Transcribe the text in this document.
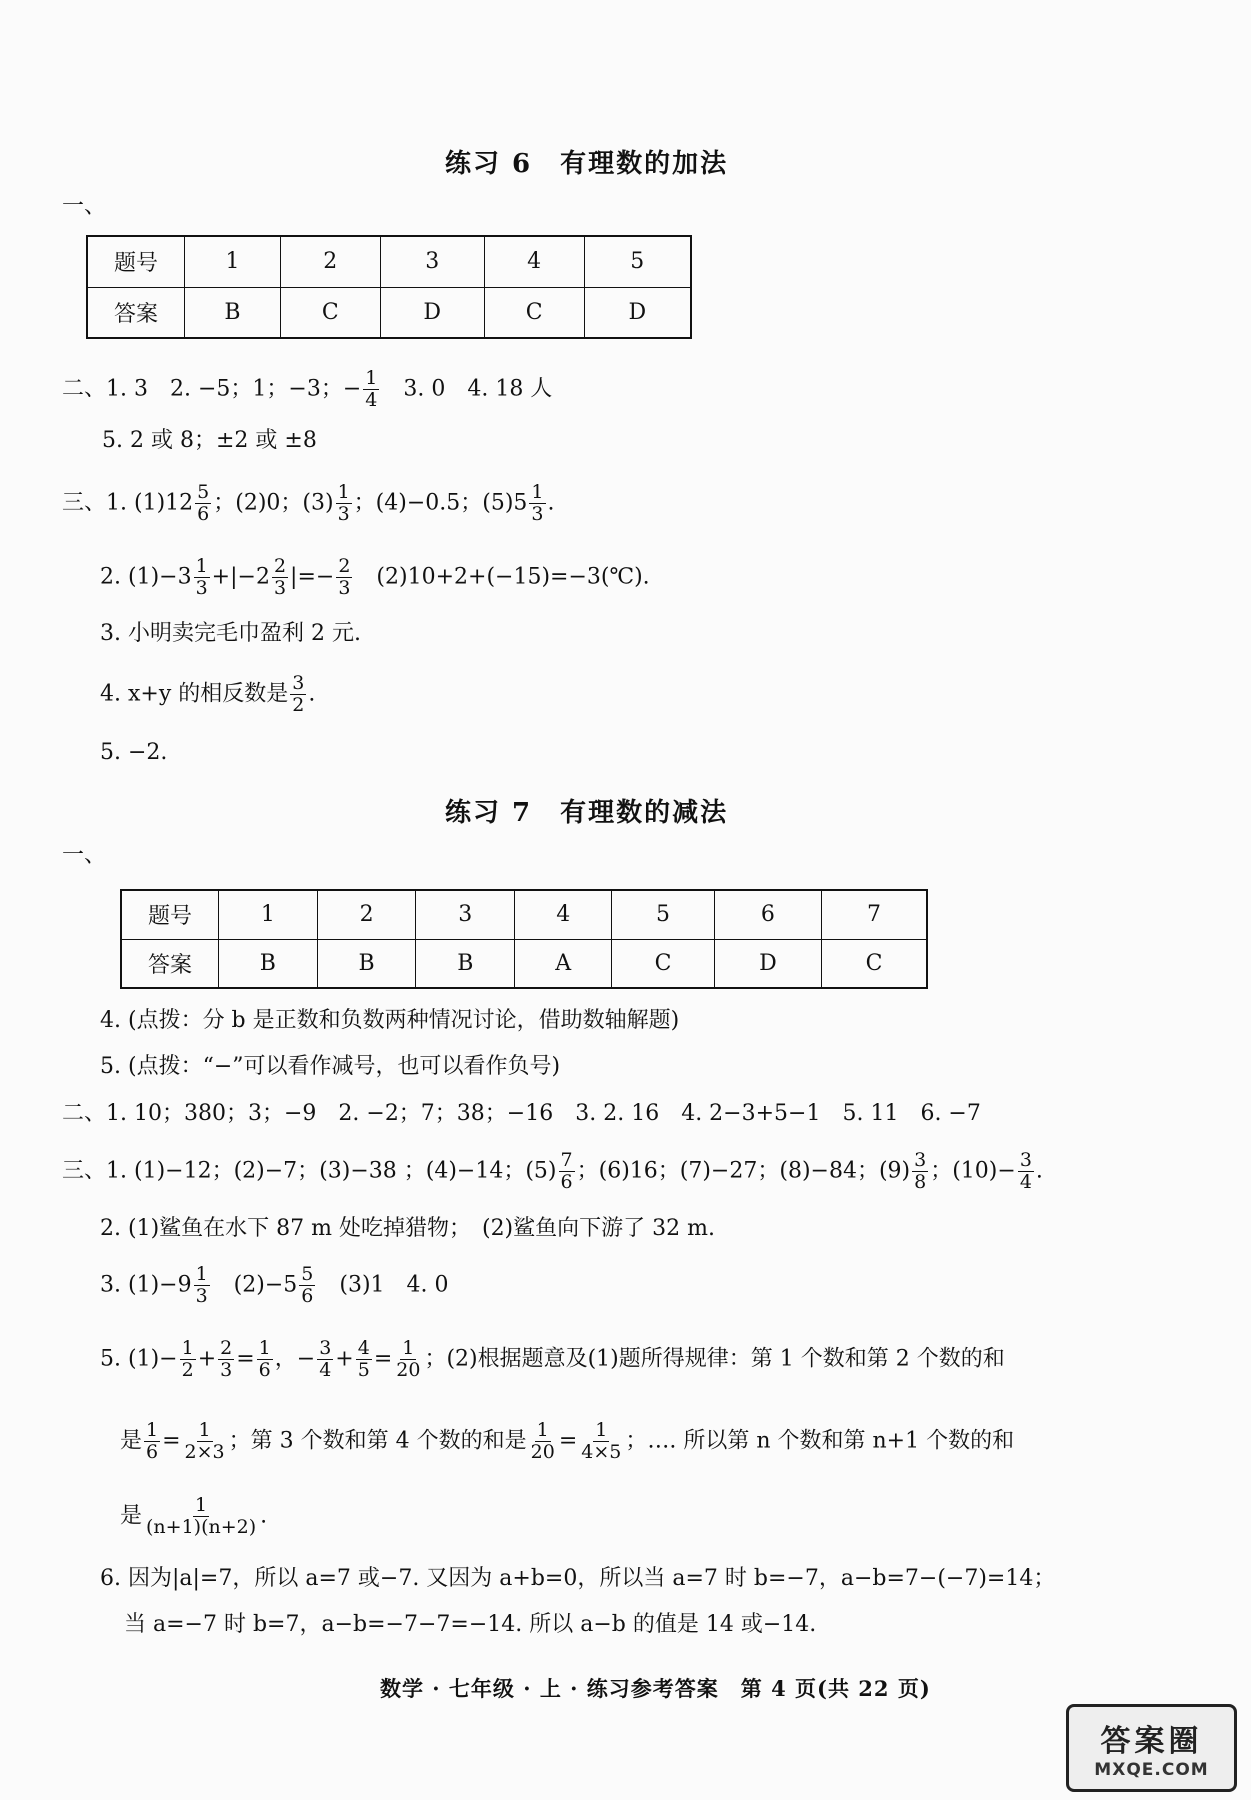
练习 6　有理数的加法
一、
题号	1	2	3	4	5
答案	B	C	D	C	D
二、1. 3　2. −5；1；−3；− $\frac{1}{4}$ 　3. 0　4. 18 人
5. 2 或 8；±2 或 ±8
三、1. $(1)12 \frac{5}{6}$ ；(2)0；$(3) \frac{1}{3}$ ；(4)−0.5；$(5)5 \frac{1}{3}$ .
2. $(1)-3 \frac{1}{3} +|-2 \frac{2}{3}$ |=− $\frac{2}{3}$ 　(2)10+2+(−15)=−3(℃).
3. 小明卖完毛巾盈利 2 元.
4. x+y 的相反数是 $\frac{3}{2}$ .
5. −2.
练习 7　有理数的减法
一、
题号	1	2	3	4	5	6	7
答案	B	B	B	A	C	D	C
4. (点拨：分 b 是正数和负数两种情况讨论，借助数轴解题)
5. (点拨：“−”可以看作减号，也可以看作负号)
二、1. 10；380；3；−9　2. −2；7；38；−16　3. 2. 16　4. 2−3+5−1　5. 11　6. −7
三、1. (1)−12；(2)−7；(3)−38 ；(4)−14；$(5) \frac{7}{6}$ ；(6)16；(7)−27；(8)−84；$(9) \frac{3}{8}$ ；$(10)- \frac{3}{4}$ .
2. (1)鲨鱼在水下 87 m 处吃掉猎物；　(2)鲨鱼向下游了 32 m.
3. $(1)-9 \frac{1}{3}$ 　$(2)-5 \frac{5}{6}$ 　(3)1　4. 0
5. $(1)- \frac{1}{2} + \frac{2}{3} = \frac{1}{6}$ ，− $\frac{3}{4} + \frac{4}{5} = \frac{1}{20}$ ；(2)根据题意及(1)题所得规律：第 1 个数和第 2 个数的和
是 $\frac{1}{6} = \frac{1}{2\times 3}$ ；第 3 个数和第 4 个数的和是 $\frac{1}{20} = \frac{1}{4\times 5}$ ；…. 所以第 n 个数和第 n+1 个数的和
是 $\frac{1}{(n+1)(n+2)}$ .
6. 因为|a|=7，所以 a=7 或−7. 又因为 a+b=0，所以当 a=7 时 b=−7，a−b=7−(−7)=14；
当 a=−7 时 b=7，a−b=−7−7=−14. 所以 a−b 的值是 14 或−14.
数学 · 七年级 · 上 · 练习参考答案　第 4 页(共 22 页)
答案圈
MXQE.COM
